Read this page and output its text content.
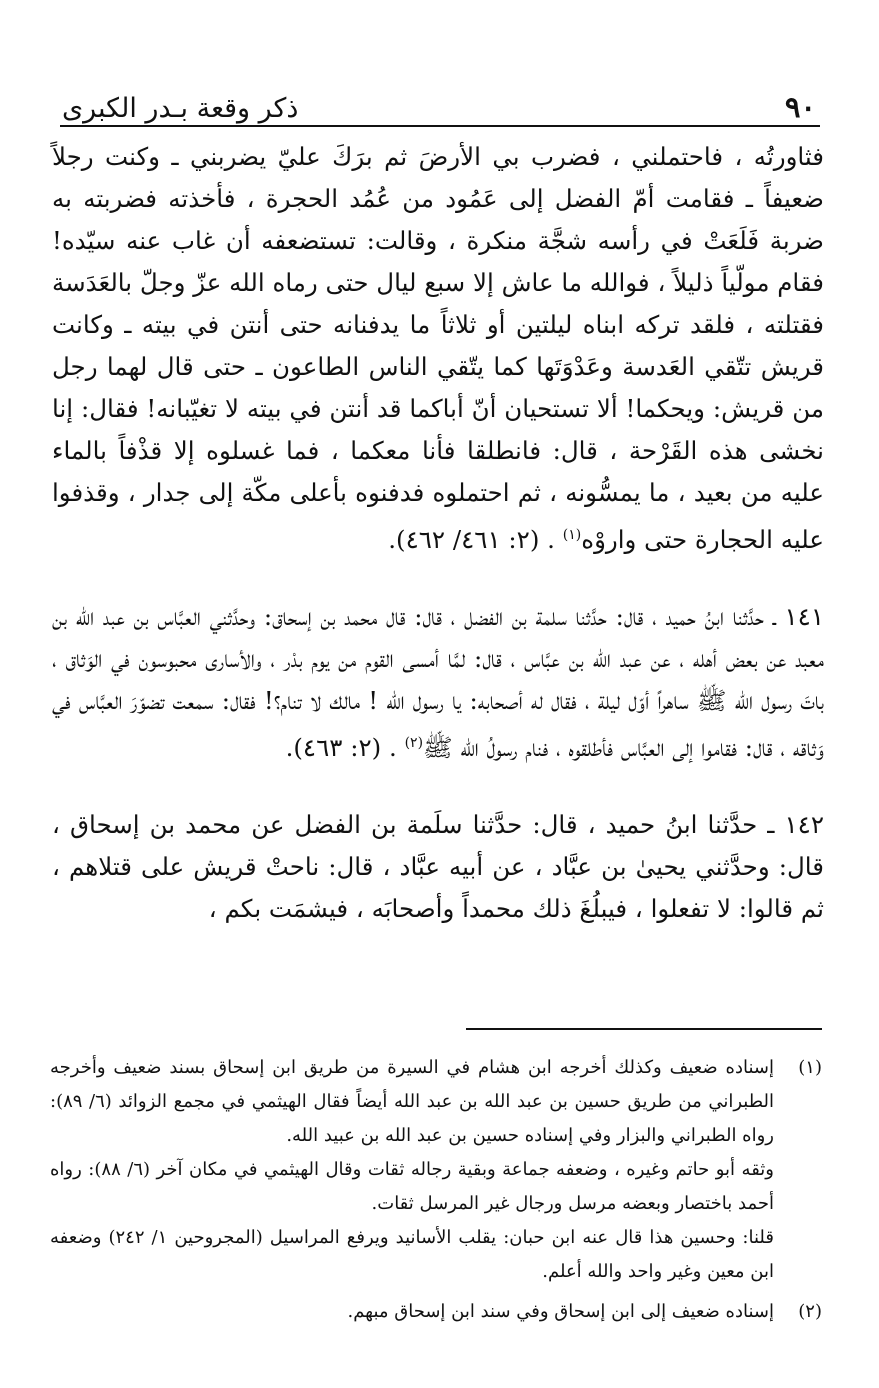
٩٠
ذكر وقعة بـدر الكبرى

فثاورتُه ، فاحتملني ، فضرب بي الأرضَ ثم برَكَ عليّ يضربني ـ وكنت رجلاً ضعيفاً ـ فقامت أمّ الفضل إلى عَمُود من عُمُد الحجرة ، فأخذته فضربته به ضربة فَلَعَتْ في رأسه شجَّة منكرة ، وقالت: تستضعفه أن غاب عنه سيّده! فقام مولّياً ذليلاً ، فوالله ما عاش إلا سبع ليال حتى رماه الله عزّ وجلّ بالعَدَسة فقتلته ، فلقد تركه ابناه ليلتين أو ثلاثاً ما يدفنانه حتى أنتن في بيته ـ وكانت قريش تتّقي العَدسة وعَدْوَتَها كما يتّقي الناس الطاعون ـ حتى قال لهما رجل من قريش: ويحكما! ألا تستحيان أنّ أباكما قد أنتن في بيته لا تغيّبانه! فقال: إنا نخشى هذه القَرْحة ، قال: فانطلقا فأنا معكما ، فما غسلوه إلا قذْفاً بالماء عليه من بعيد ، ما يمسُّونه ، ثم احتملوه فدفنوه بأعلى مكّة إلى جدار ، وقذفوا عليه الحجارة حتى واروْه$^{(١)}$ . (٢: ٤٦١/ ٤٦٢).

١٤١ ـ حدَّثنا ابنُ حميد ، قال: حدَّثنا سلمة بن الفضل ، قال: قال محمد بن إسحاق: وحدَّثني العبَّاس بن عبد الله بن معبد عن بعض أهله ، عن عبد الله بن عبَّاس ، قال: لمَّا أمسى القوم من يوم بدْر ، والأسارى محبوسون في الوَثاق ، باتَ رسول الله ﷺ ساهراً أوّل ليلة ، فقال له أصحابه: يا رسول الله ! مالك لا تنام؟! فقال: سمعت تضوّرَ العبَّاس في وَثاقه ، قال: فقاموا إلى العبَّاس فأطلقوه ، فنام رسولُ الله ﷺ$^{(٢)}$ . (٢: ٤٦٣).

١٤٢ ـ حدَّثنا ابنُ حميد ، قال: حدَّثنا سلَمة بن الفضل عن محمد بن إسحاق ، قال: وحدَّثني يحيىٰ بن عبَّاد ، عن أبيه عبَّاد ، قال: ناحتْ قريش على قتلاهم ، ثم قالوا: لا تفعلوا ، فيبلُغَ ذلك محمداً وأصحابَه ، فيشمَت بكم ،

(١)

إسناده ضعيف وكذلك أخرجه ابن هشام في السيرة من طريق ابن إسحاق بسند ضعيف وأخرجه الطبراني من طريق حسين بن عبد الله بن عبد الله أيضاً فقال الهيثمي في مجمع الزوائد (٦/ ٨٩): رواه الطبراني والبزار وفي إسناده حسين بن عبد الله بن عبيد الله.

وثقه أبو حاتم وغيره ، وضعفه جماعة وبقية رجاله ثقات وقال الهيثمي في مكان آخر (٦/ ٨٨): رواه أحمد باختصار وبعضه مرسل ورجال غير المرسل ثقات.

قلنا: وحسين هذا قال عنه ابن حبان: يقلب الأسانيد ويرفع المراسيل (المجروحين ١/ ٢٤٢) وضعفه ابن معين وغير واحد والله أعلم.

(٢)

إسناده ضعيف إلى ابن إسحاق وفي سند ابن إسحاق مبهم.
